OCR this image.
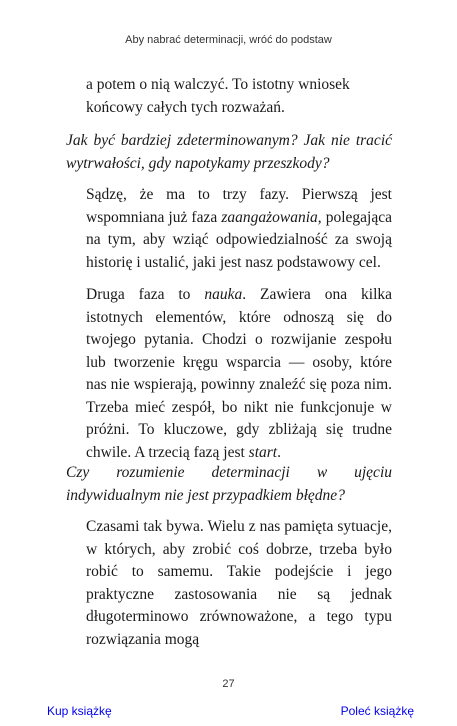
Aby nabrać determinacji, wróć do podstaw

a potem o nią walczyć. To istotny wniosek
końcowy całych tych rozważań.

Jak być bardziej zdeterminowanym? Jak nie tracić wytrwałości, gdy napotykamy przeszkody?

Sądzę, że ma to trzy fazy. Pierwszą jest wspomniana już faza zaangażowania, polegająca na tym, aby wziąć odpowiedzialność za swoją historię i ustalić, jaki jest nasz podstawowy cel.

Druga faza to nauka. Zawiera ona kilka istotnych elementów, które odnoszą się do twojego pytania. Chodzi o rozwijanie zespołu lub tworzenie kręgu wsparcia — osoby, które nas nie wspierają, powinny znaleźć się poza nim. Trzeba mieć zespół, bo nikt nie funkcjonuje w próżni. To kluczowe, gdy zbliżają się trudne chwile. A trzecią fazą jest start.

Czy rozumienie determinacji w ujęciu indywidualnym nie jest przypadkiem błędne?

Czasami tak bywa. Wielu z nas pamięta sytuacje, w których, aby zrobić coś dobrze, trzeba było robić to samemu. Takie podejście i jego praktyczne zastosowania nie są jednak długoterminowo zrównoważone, a tego typu rozwiązania mogą

27
Kup książkę	Poleć książkę
